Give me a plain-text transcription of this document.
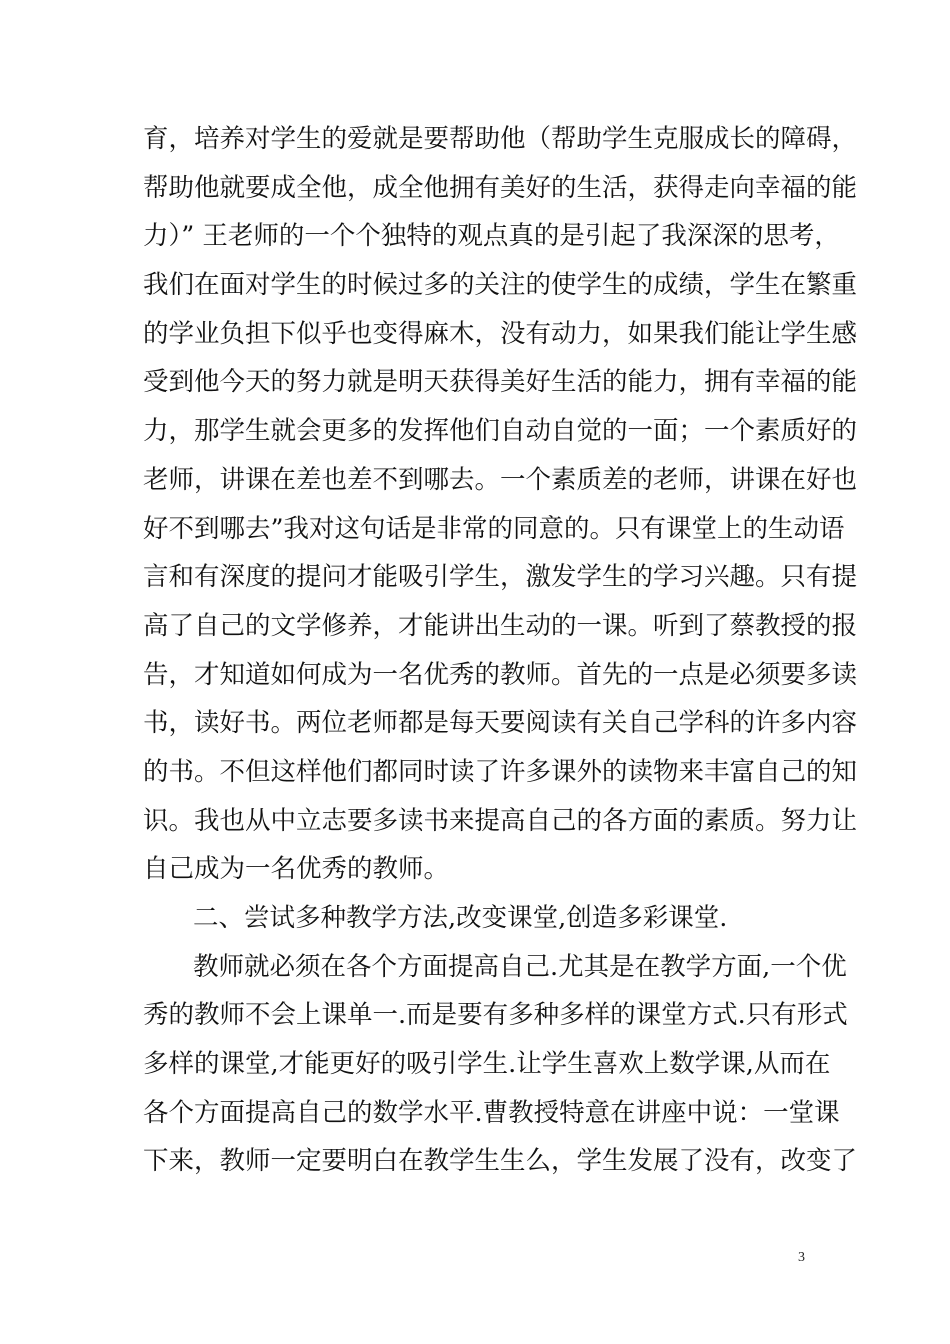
育，培养对学生的爱就是要帮助他（帮助学生克服成长的障碍，
帮助他就要成全他，成全他拥有美好的生活，获得走向幸福的能
力）” 王老师的一个个独特的观点真的是引起了我深深的思考，
我们在面对学生的时候过多的关注的使学生的成绩，学生在繁重
的学业负担下似乎也变得麻木，没有动力，如果我们能让学生感
受到他今天的努力就是明天获得美好生活的能力，拥有幸福的能
力，那学生就会更多的发挥他们自动自觉的一面；一个素质好的
老师，讲课在差也差不到哪去。一个素质差的老师，讲课在好也
好不到哪去”我对这句话是非常的同意的。只有课堂上的生动语
言和有深度的提问才能吸引学生，激发学生的学习兴趣。只有提
高了自己的文学修养，才能讲出生动的一课。听到了蔡教授的报
告，才知道如何成为一名优秀的教师。首先的一点是必须要多读
书，读好书。两位老师都是每天要阅读有关自己学科的许多内容
的书。不但这样他们都同时读了许多课外的读物来丰富自己的知
识。我也从中立志要多读书来提高自己的各方面的素质。努力让
自己成为一名优秀的教师。
二、尝试多种教学方法,改变课堂,创造多彩课堂.
教师就必须在各个方面提高自己.尤其是在教学方面,一个优
秀的教师不会上课单一.而是要有多种多样的课堂方式.只有形式
多样的课堂,才能更好的吸引学生.让学生喜欢上数学课,从而在
各个方面提高自己的数学水平.曹教授特意在讲座中说：一堂课
下来，教师一定要明白在教学生生么，学生发展了没有，改变了
3
